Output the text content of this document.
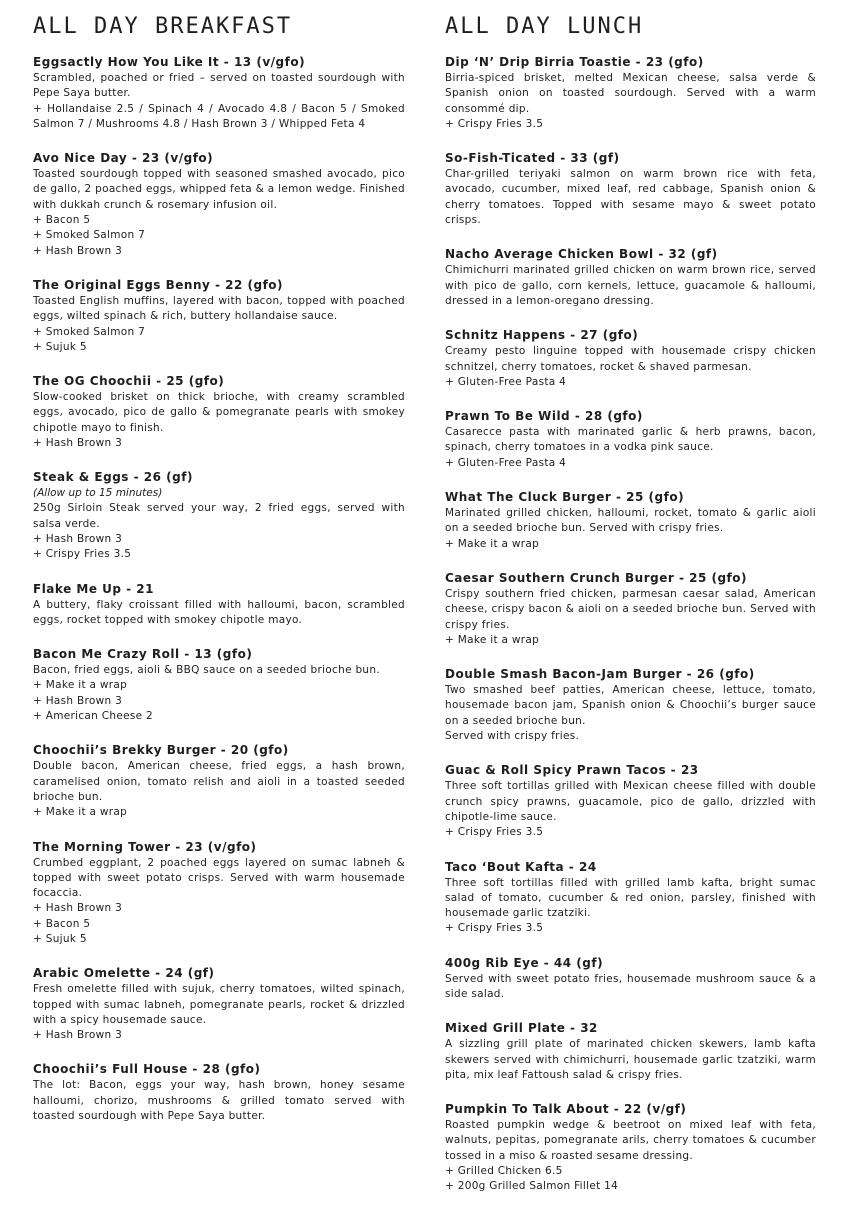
ALL DAY BREAKFAST
Eggsactly How You Like It - 13 (v/gfo)
Scrambled, poached or fried – served on toasted sourdough with Pepe Saya butter.
+ Hollandaise 2.5 / Spinach 4 / Avocado 4.8 / Bacon 5 / Smoked Salmon 7 / Mushrooms 4.8 / Hash Brown 3 / Whipped Feta 4
Avo Nice Day - 23 (v/gfo)
Toasted sourdough topped with seasoned smashed avocado, pico de gallo, 2 poached eggs, whipped feta & a lemon wedge. Finished with dukkah crunch & rosemary infusion oil.
+ Bacon 5
+ Smoked Salmon 7
+ Hash Brown 3
The Original Eggs Benny - 22 (gfo)
Toasted English muffins, layered with bacon, topped with poached eggs, wilted spinach & rich, buttery hollandaise sauce.
+ Smoked Salmon 7
+ Sujuk 5
The OG Choochii - 25 (gfo)
Slow-cooked brisket on thick brioche, with creamy scrambled eggs, avocado, pico de gallo & pomegranate pearls with smokey chipotle mayo to finish.
+ Hash Brown 3
Steak & Eggs - 26 (gf)
(Allow up to 15 minutes)
250g Sirloin Steak served your way, 2 fried eggs, served with salsa verde.
+ Hash Brown 3
+ Crispy Fries 3.5
Flake Me Up - 21
A buttery, flaky croissant filled with halloumi, bacon, scrambled eggs, rocket topped with smokey chipotle mayo.
Bacon Me Crazy Roll - 13 (gfo)
Bacon, fried eggs, aioli & BBQ sauce on a seeded brioche bun.
+ Make it a wrap
+ Hash Brown 3
+ American Cheese 2
Choochii’s Brekky Burger - 20 (gfo)
Double bacon, American cheese, fried eggs, a hash brown, caramelised onion, tomato relish and aioli in a toasted seeded brioche bun.
+ Make it a wrap
The Morning Tower - 23 (v/gfo)
Crumbed eggplant, 2 poached eggs layered on sumac labneh & topped with sweet potato crisps. Served with warm housemade focaccia.
+ Hash Brown 3
+ Bacon 5
+ Sujuk 5
Arabic Omelette - 24 (gf)
Fresh omelette filled with sujuk, cherry tomatoes, wilted spinach, topped with sumac labneh, pomegranate pearls, rocket & drizzled with a spicy housemade sauce.
+ Hash Brown 3
Choochii’s Full House - 28 (gfo)
The lot: Bacon, eggs your way, hash brown, honey sesame halloumi, chorizo, mushrooms & grilled tomato served with toasted sourdough with Pepe Saya butter.
ALL DAY LUNCH
Dip ‘N’ Drip Birria Toastie - 23 (gfo)
Birria-spiced brisket, melted Mexican cheese, salsa verde & Spanish onion on toasted sourdough. Served with a warm consommé dip.
+ Crispy Fries 3.5
So-Fish-Ticated - 33 (gf)
Char-grilled teriyaki salmon on warm brown rice with feta, avocado, cucumber, mixed leaf, red cabbage, Spanish onion & cherry tomatoes. Topped with sesame mayo & sweet potato crisps.
Nacho Average Chicken Bowl - 32 (gf)
Chimichurri marinated grilled chicken on warm brown rice, served with pico de gallo, corn kernels, lettuce, guacamole & halloumi, dressed in a lemon-oregano dressing.
Schnitz Happens - 27 (gfo)
Creamy pesto linguine topped with housemade crispy chicken schnitzel, cherry tomatoes, rocket & shaved parmesan.
+ Gluten-Free Pasta 4
Prawn To Be Wild - 28 (gfo)
Casarecce pasta with marinated garlic & herb prawns, bacon, spinach, cherry tomatoes in a vodka pink sauce.
+ Gluten-Free Pasta 4
What The Cluck Burger - 25 (gfo)
Marinated grilled chicken, halloumi, rocket, tomato & garlic aioli on a seeded brioche bun. Served with crispy fries.
+ Make it a wrap
Caesar Southern Crunch Burger - 25 (gfo)
Crispy southern fried chicken, parmesan caesar salad, American cheese, crispy bacon & aioli on a seeded brioche bun. Served with crispy fries.
+ Make it a wrap
Double Smash Bacon-Jam Burger - 26 (gfo)
Two smashed beef patties, American cheese, lettuce, tomato, housemade bacon jam, Spanish onion & Choochii’s burger sauce on a seeded brioche bun.
Served with crispy fries.
Guac & Roll Spicy Prawn Tacos - 23
Three soft tortillas grilled with Mexican cheese filled with double crunch spicy prawns, guacamole, pico de gallo, drizzled with chipotle-lime sauce.
+ Crispy Fries 3.5
Taco ‘Bout Kafta - 24
Three soft tortillas filled with grilled lamb kafta, bright sumac salad of tomato, cucumber & red onion, parsley, finished with housemade garlic tzatziki.
+ Crispy Fries 3.5
400g Rib Eye - 44 (gf)
Served with sweet potato fries, housemade mushroom sauce & a side salad.
Mixed Grill Plate - 32
A sizzling grill plate of marinated chicken skewers, lamb kafta skewers served with chimichurri, housemade garlic tzatziki, warm pita, mix leaf Fattoush salad & crispy fries.
Pumpkin To Talk About - 22 (v/gf)
Roasted pumpkin wedge & beetroot on mixed leaf with feta, walnuts, pepitas, pomegranate arils, cherry tomatoes & cucumber tossed in a miso & roasted sesame dressing.
+ Grilled Chicken 6.5
+ 200g Grilled Salmon Fillet 14
